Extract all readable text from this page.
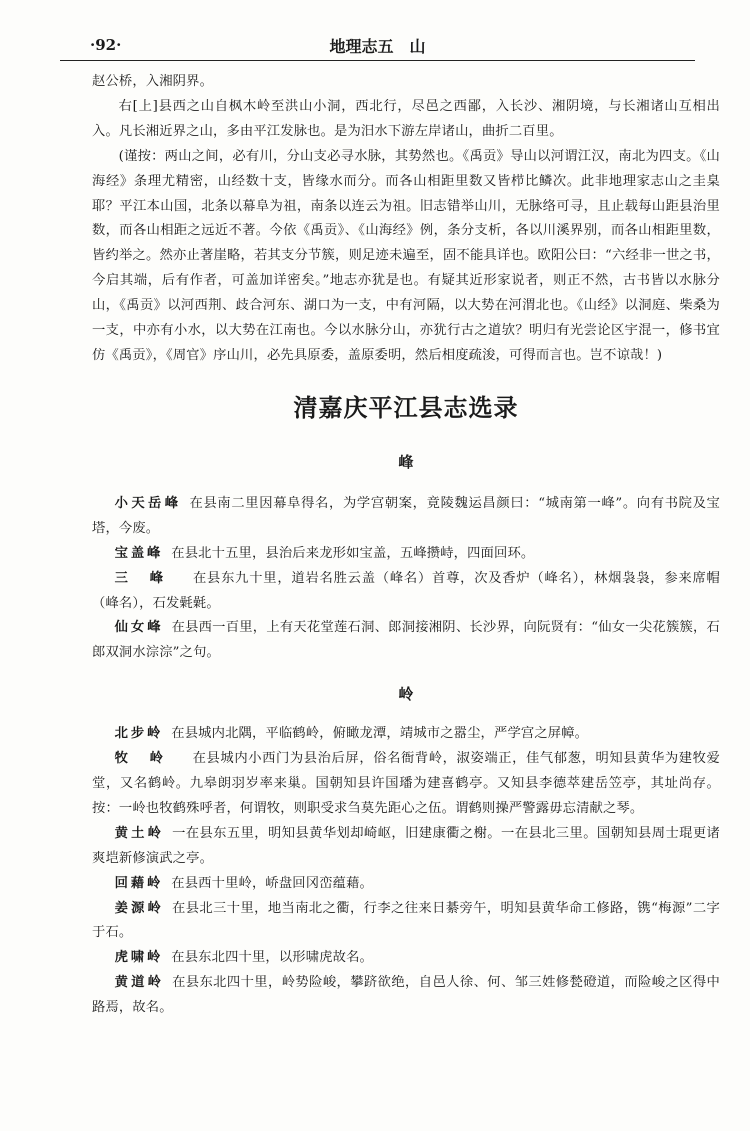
·92·	地理志五　山

赵公桥，入湘阴界。

右[上]县西之山自枫木岭至洪山小洞，西北行，尽邑之西鄙，入长沙、湘阴境，与长湘诸山互相出入。凡长湘近界之山，多由平江发脉也。是为汨水下游左岸诸山，曲折二百里。

(谨按：两山之间，必有川，分山支必寻水脉，其势然也。《禹贡》导山以河谓江汉，南北为四支。《山海经》条理尤精密，山经数十支，皆缘水而分。而各山相距里数又皆栉比鳞次。此非地理家志山之圭臬耶？平江本山国，北条以幕阜为祖，南条以连云为祖。旧志错举山川，无脉络可寻，且止载每山距县治里数，而各山相距之远近不著。今依《禹贡》、《山海经》例，条分支析，各以川溪界别，而各山相距里数，皆约举之。然亦止著崖略，若其支分节簇，则足迹未遍至，固不能具详也。欧阳公曰：“六经非一世之书，今启其端，后有作者，可盖加详密矣。”地志亦犹是也。有疑其近形家说者，则正不然，古书皆以水脉分山，《禹贡》以河西荆、歧合河东、湖口为一支，中有河隔，以大势在河渭北也。《山经》以洞庭、柴桑为一支，中亦有小水，以大势在江南也。今以水脉分山，亦犹行古之道欤？明归有光尝论区宇混一，修书宜仿《禹贡》，《周官》序山川，必先具原委，盖原委明，然后相度疏浚，可得而言也。岂不谅哉！)

清嘉庆平江县志选录
峰

小天岳峰 在县南二里因幕阜得名，为学宫朝案，竟陵魏运昌颜曰：“城南第一峰”。向有书院及宝塔，今废。

宝盖峰 在县北十五里，县治后来龙形如宝盖，五峰攒峙，四面回环。

三峰 在县东九十里，道岩名胜云盖（峰名）首尊，次及香炉（峰名），林烟袅袅，参来席帽（峰名），石发氉氉。

仙女峰 在县西一百里，上有天花堂莲石洞、郎洞接湘阴、长沙界，向阮贤有：“仙女一尖花簇簇，石郎双洞水淙淙”之句。

岭

北步岭 在县城内北隅，平临鹤岭，俯瞰龙潭，靖城市之嚣尘，严学宫之屏幛。

牧岭 在县城内小西门为县治后屏，俗名衙背岭，淑姿端正，佳气郁葱，明知县黄华为建牧爱堂，又名鹤岭。九皋朗羽岁率来巢。国朝知县许国璠为建喜鹤亭。又知县李德萃建岳笠亭，其址尚存。按：一岭也牧鹤殊呼者，何谓牧，则职受求刍莫先距心之伍。谓鹤则操严警露毋忘清献之琴。

黄土岭 一在县东五里，明知县黄华划却崎岖，旧建康衢之榭。一在县北三里。国朝知县周士琨更诸爽垲新修演武之亭。

回藉岭 在县西十里岭，峤盘回冈峦蕴藉。

姜源岭 在县北三十里，地当南北之衢，行李之往来日綦旁午，明知县黄华命工修路，镌“梅源”二字于石。

虎啸岭 在县东北四十里，以形啸虎故名。

黄道岭 在县东北四十里，岭势险峻，攀跻欲绝，自邑人徐、何、邹三姓修甃磴道，而险峻之区得中路焉，故名。
